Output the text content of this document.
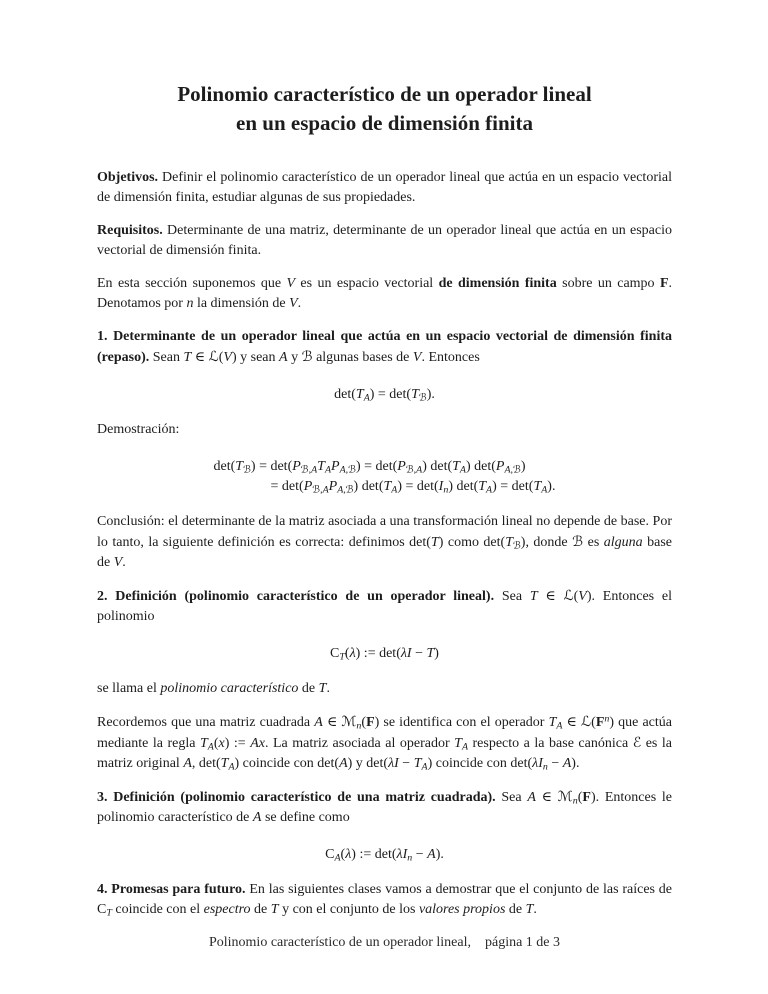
Polinomio característico de un operador lineal
en un espacio de dimensión finita

Objetivos. Definir el polinomio característico de un operador lineal que actúa en un espacio vectorial de dimensión finita, estudiar algunas de sus propiedades.

Requisitos. Determinante de una matriz, determinante de un operador lineal que actúa en un espacio vectorial de dimensión finita.

En esta sección suponemos que V es un espacio vectorial de dimensión finita sobre un campo F. Denotamos por n la dimensión de V.

1. Determinante de un operador lineal que actúa en un espacio vectorial de dimensión finita (repaso). Sean T ∈ ℒ(V) y sean A y ℬ algunas bases de V. Entonces

$\det(T_A) = \det(T_ℬ)$.

Demostración:

$\det(T_ℬ) = \det(P_{ℬ,A}T_AP_{A,ℬ}) = \det(P_{ℬ,A})$ $\det(T_A)$ $\det(P_{A,ℬ})$
= $\det(P_{ℬ,A}P_{A,ℬ}) \det(T_A) = \det(I_n) \det(T_A) = \det(T_A)$.

Conclusión: el determinante de la matriz asociada a una transformación lineal no depende de base. Por lo tanto, la siguiente definición es correcta: definimos det(T) como $\det(T_ℬ)$, donde ℬ es alguna base de V.

2. Definición (polinomio característico de un operador lineal). Sea T ∈ ℒ(V). Entonces el polinomio

$C_T(\lambda)$ := det(λI − T)

se llama el polinomio característico de T.

Recordemos que una matriz cuadrada A ∈ ℳ$_n$(F) se identifica con el operador $T_A$ ∈ $ℒ(F^n)$ que actúa mediante la regla $T_A(x)$ := Ax. La matriz asociada al operador $T_A$ respecto a la base canónica ℰ es la matriz original A, $\det(T_A)$ coincide con det(A) y $\det(\lambda I - T_A)$ coincide con $\det(\lambda I_n - A)$.

3. Definición (polinomio característico de una matriz cuadrada). Sea A ∈ ℳ$_n$(F). Entonces le polinomio característico de A se define como

$C_A(\lambda)$ := $\det(\lambda I_n - A)$.

4. Promesas para futuro. En las siguientes clases vamos a demostrar que el conjunto de las raíces de $C_T$ coincide con el espectro de T y con el conjunto de los valores propios de T.

Polinomio característico de un operador lineal, página 1 de 3
